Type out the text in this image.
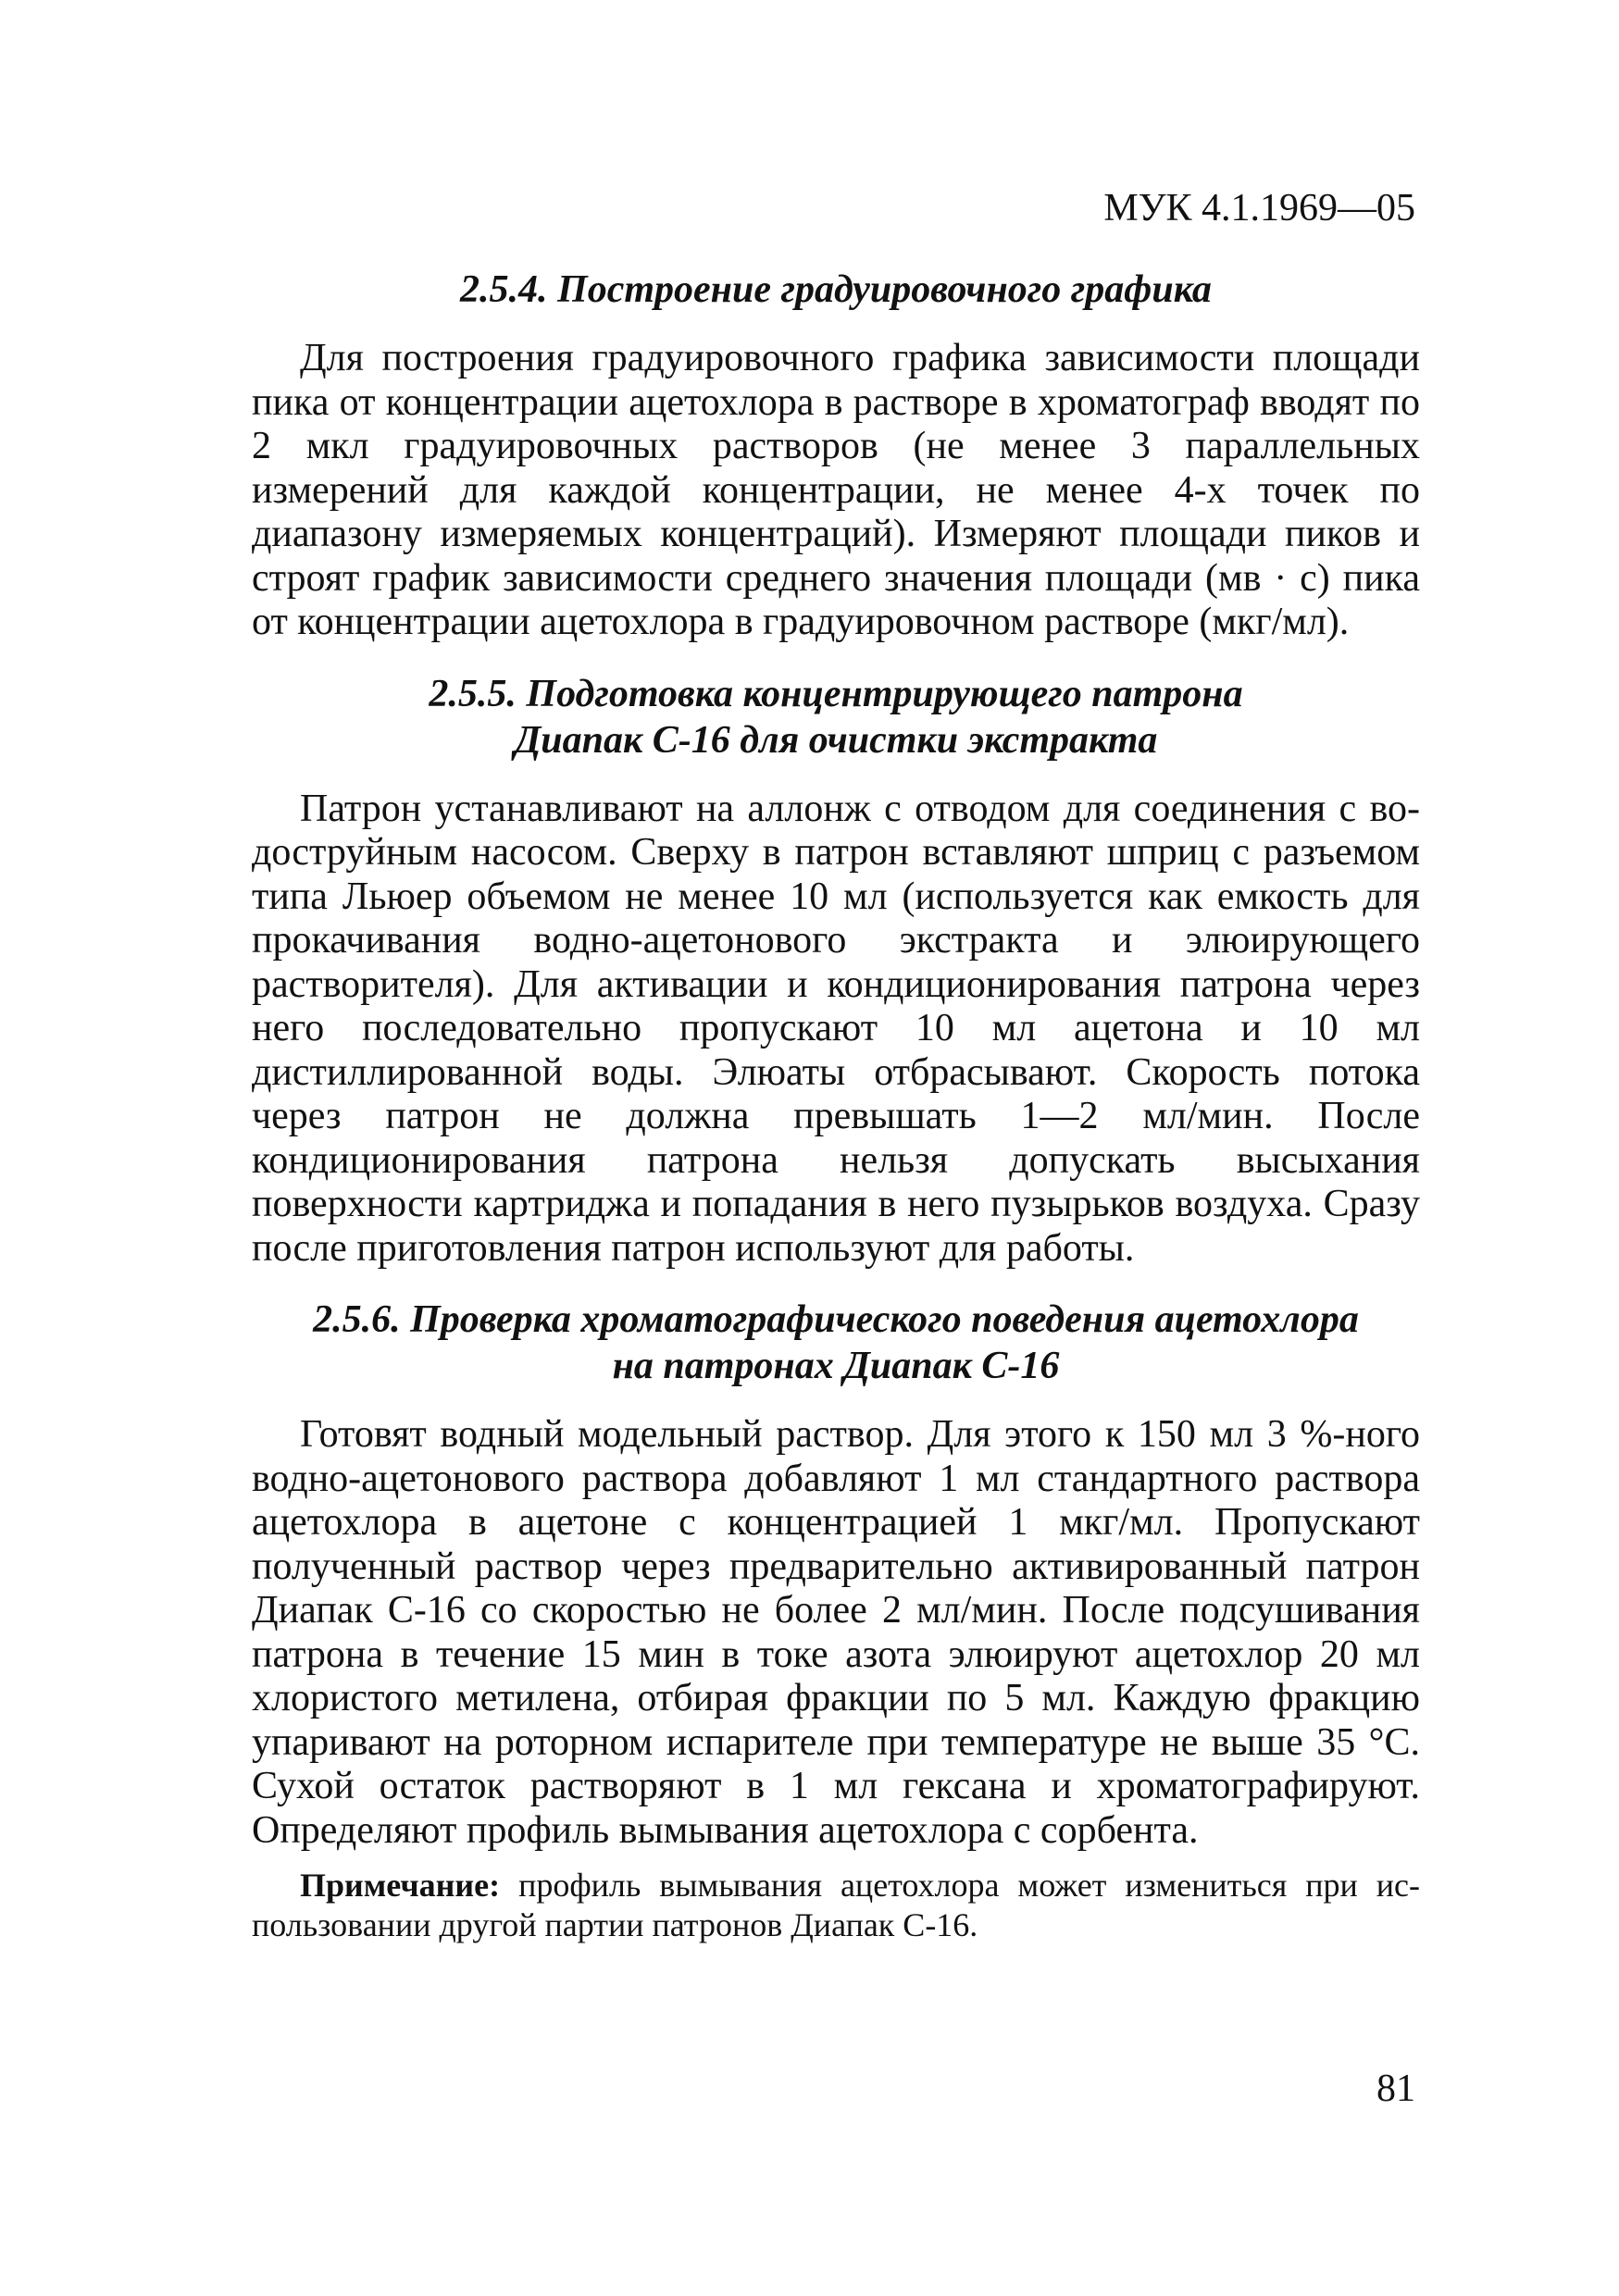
МУК 4.1.1969—05
2.5.4. Построение градуировочного графика

Для построения градуировочного графика зависимости площади пика от концентрации ацетохлора в растворе в хроматограф вводят по 2 мкл градуировочных растворов (не менее 3 параллельных измерений для каждой концентрации, не менее 4-х точек по диапазону измеряемых концентраций). Измеряют площади пиков и строят график зависимости среднего значения площади (мв · с) пика от концентрации ацетохлора в градуировочном растворе (мкг/мл).

2.5.5. Подготовка концентрирующего патрона
Диапак С-16 для очистки экстракта

Патрон устанавливают на аллонж с отводом для соединения с водоструйным насосом. Сверху в патрон вставляют шприц с разъемом типа Льюер объемом не менее 10 мл (используется как емкость для прокачивания водно-ацетонового экстракта и элюирующего растворителя). Для активации и кондиционирования патрона через него последовательно пропускают 10 мл ацетона и 10 мл дистиллированной воды. Элюаты отбрасывают. Скорость потока через патрон не должна превышать 1—2 мл/мин. После кондиционирования патрона нельзя допускать высыхания поверхности картриджа и попадания в него пузырьков воздуха. Сразу после приготовления патрон используют для работы.

2.5.6. Проверка хроматографического поведения ацетохлора
на патронах Диапак С-16

Готовят водный модельный раствор. Для этого к 150 мл 3 %-ного водно-ацетонового раствора добавляют 1 мл стандартного раствора ацетохлора в ацетоне с концентрацией 1 мкг/мл. Пропускают полученный раствор через предварительно активированный патрон Диапак С-16 со скоростью не более 2 мл/мин. После подсушивания патрона в течение 15 мин в токе азота элюируют ацетохлор 20 мл хлористого метилена, отбирая фракции по 5 мл. Каждую фракцию упаривают на роторном испарителе при температуре не выше 35 °С. Сухой остаток растворяют в 1 мл гексана и хроматографируют. Определяют профиль вымывания ацетохлора с сорбента.

Примечание: профиль вымывания ацетохлора может измениться при использовании другой партии патронов Диапак С-16.

81
